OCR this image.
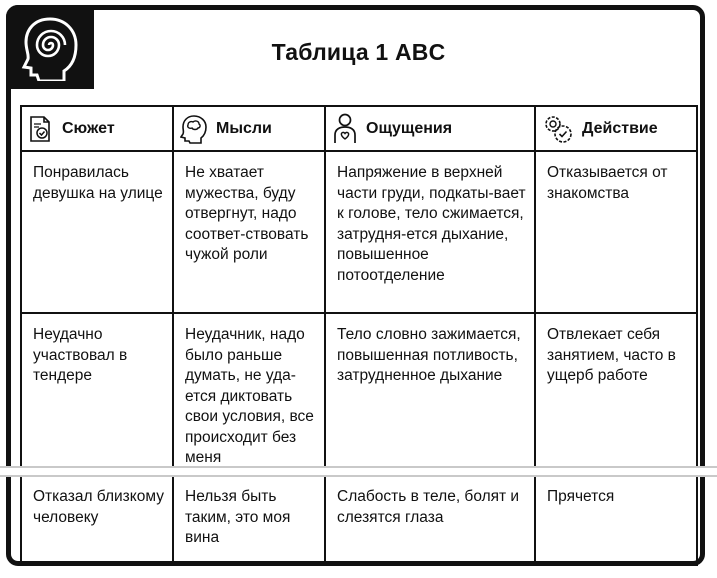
Таблица 1 ABC
Сюжет	Мысли	Ощущения	Действие

Понравилась девушка на улице	Не хватает мужества, буду отвергнут, надо соответ-ствовать чужой роли	Напряжение в верхней части груди, подкаты-вает к голове, тело сжимается, затрудня-ется дыхание, повышенное потоотделение	Отказывается от знакомства
Неудачно участвовал в тендере	Неудачник, надо было раньше думать, не уда-ется диктовать свои условия, все происходит без меня	Тело словно зажимается, повышенная потливость, затрудненное дыхание	Отвлекает себя занятием, часто в ущерб работе
Отказал близкому человеку	Нельзя быть таким, это моя вина	Слабость в теле, болят и слезятся глаза	Прячется
